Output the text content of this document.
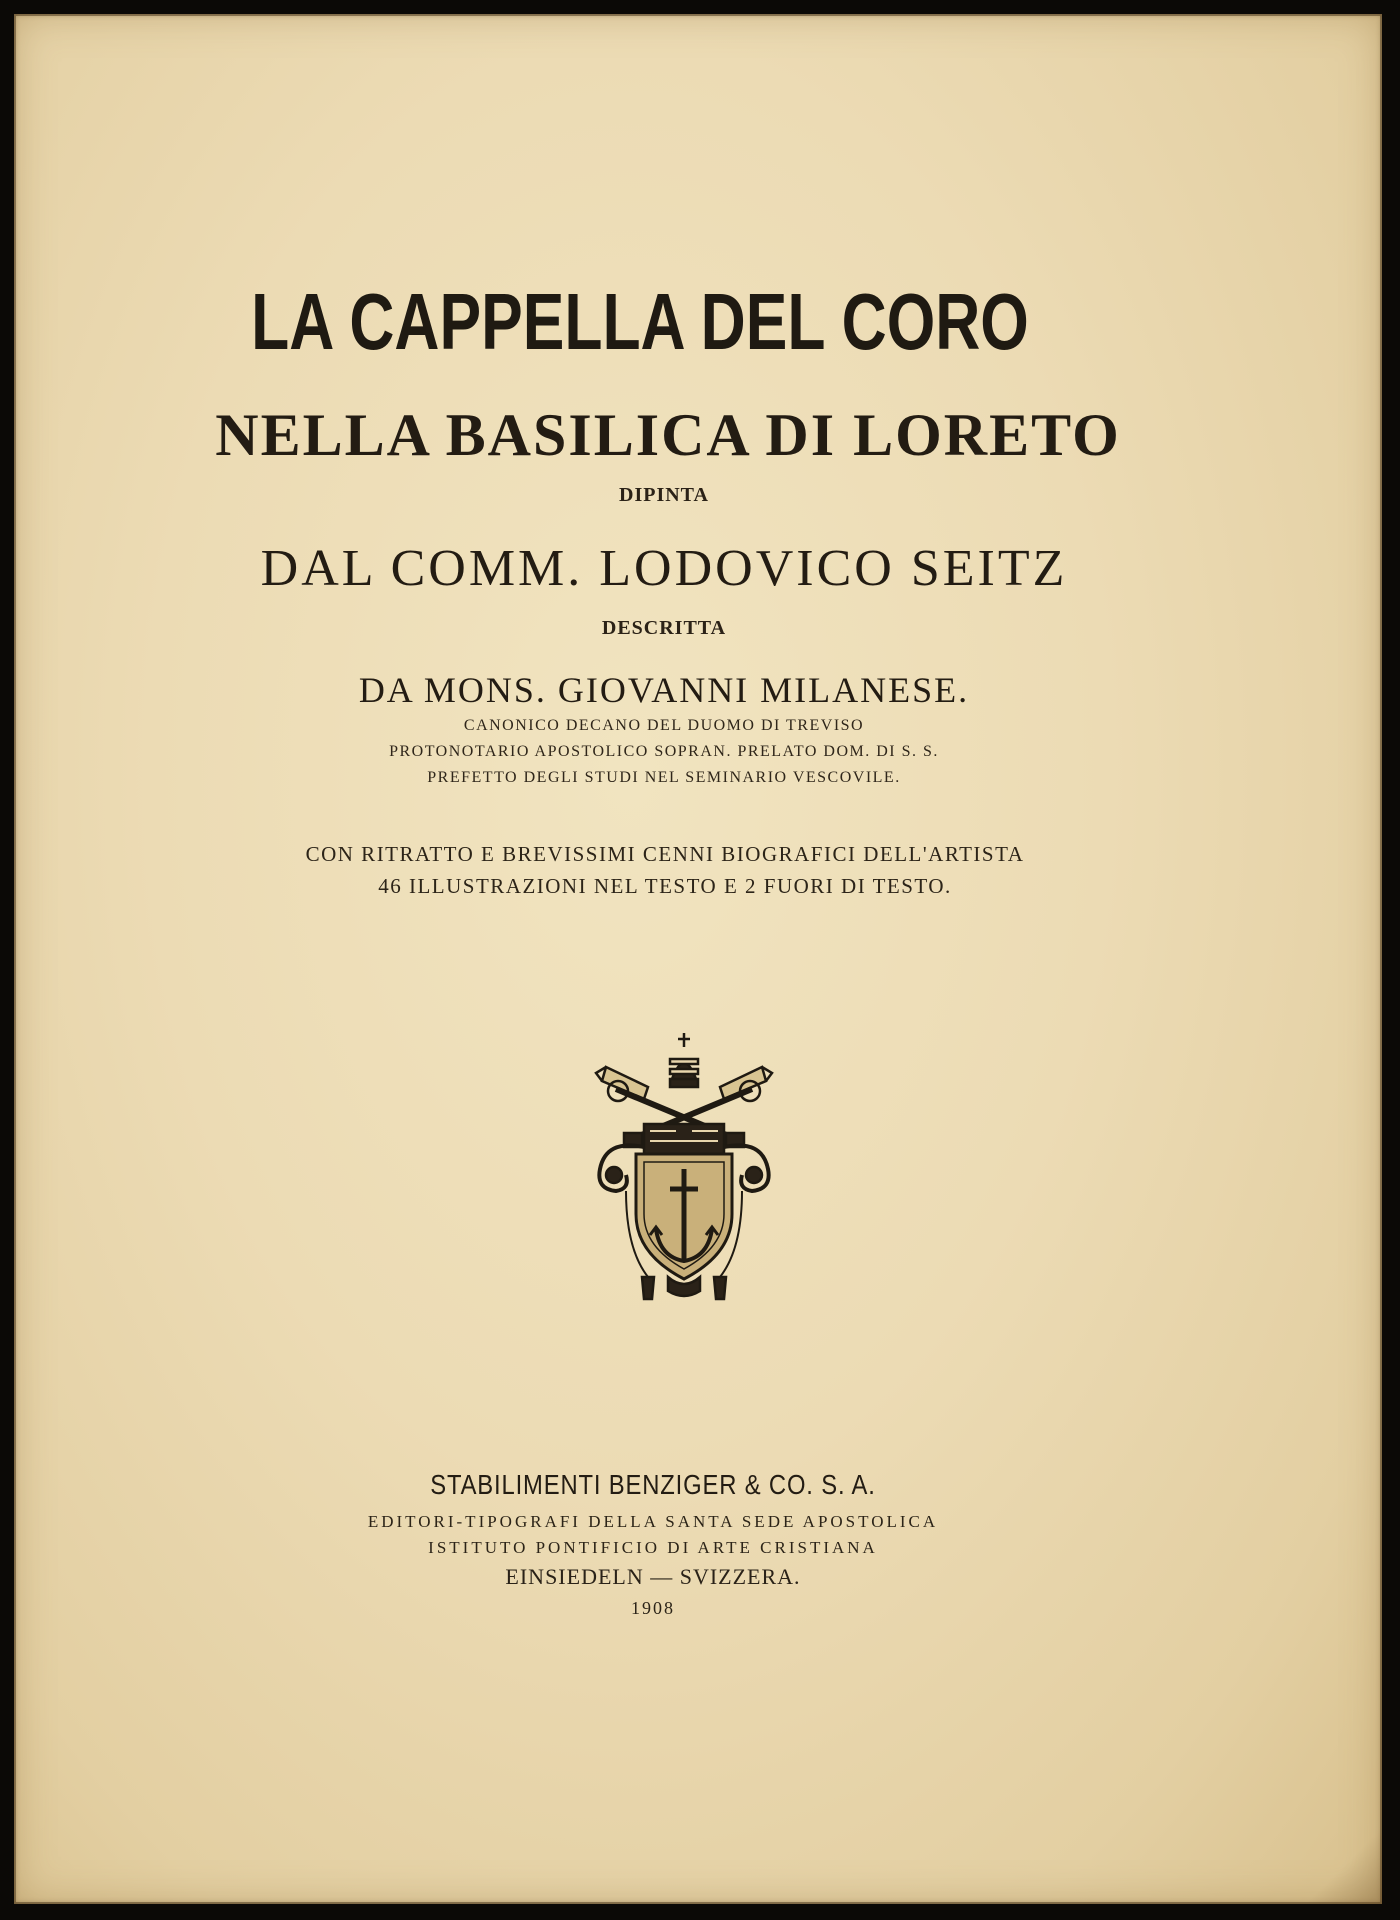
LA CAPPELLA DEL CORO
NELLA BASILICA DI LORETO
DIPINTA
DAL COMM. LODOVICO SEITZ
DESCRITTA
DA MONS. GIOVANNI MILANESE.
CANONICO DECANO DEL DUOMO DI TREVISO
PROTONOTARIO APOSTOLICO SOPRAN. PRELATO DOM. DI S. S.
PREFETTO DEGLI STUDI NEL SEMINARIO VESCOVILE.
CON RITRATTO E BREVISSIMI CENNI BIOGRAFICI DELL'ARTISTA
46 ILLUSTRAZIONI NEL TESTO E 2 FUORI DI TESTO.
STABILIMENTI BENZIGER & CO. S. A.
EDITORI-TIPOGRAFI DELLA SANTA SEDE APOSTOLICA
ISTITUTO PONTIFICIO DI ARTE CRISTIANA
EINSIEDELN — SVIZZERA.
1908
